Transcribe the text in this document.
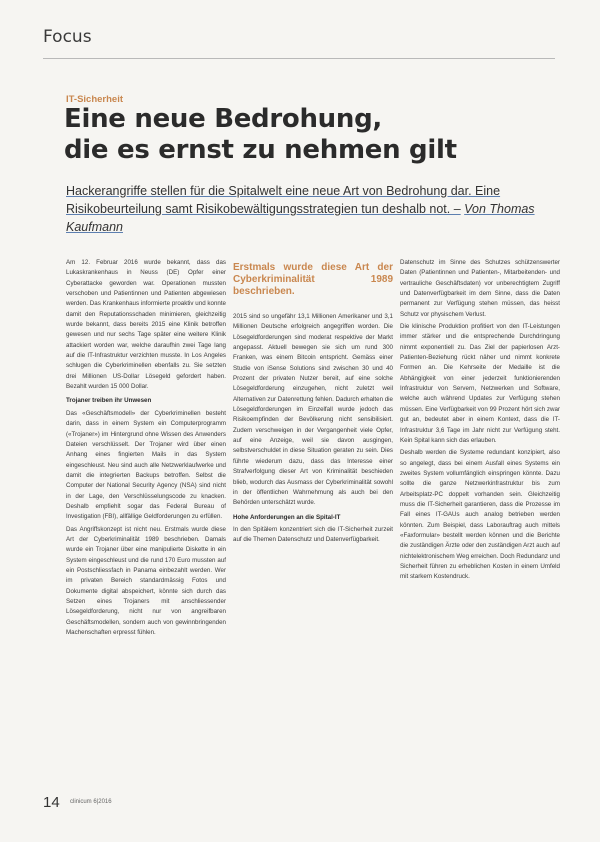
Focus
IT-Sicherheit
Eine neue Bedrohung,
die es ernst zu nehmen gilt
Hackerangriffe stellen für die Spitalwelt eine neue Art von Bedrohung dar. Eine Risikobeurteilung samt Risikobewältigungsstrategien tun deshalb not. – Von Thomas Kaufmann

Am 12. Februar 2016 wurde bekannt, dass das Lukaskrankenhaus in Neuss (DE) Opfer einer Cyberattacke geworden war. Operationen mussten verschoben und Patientinnen und Patienten abgewiesen werden. Das Krankenhaus informierte proaktiv und konnte damit den Reputationsschaden minimieren, gleichzeitig wurde bekannt, dass bereits 2015 eine Klinik betroffen gewesen und nur sechs Tage später eine weitere Klinik attackiert worden war, welche daraufhin zwei Tage lang auf die IT-Infrastruktur verzichten musste. In Los Angeles schlugen die Cyberkriminellen ebenfalls zu. Sie setzten drei Millionen US-Dollar Lösegeld gefordert haben. Bezahlt wurden 15 000 Dollar.

Trojaner treiben ihr Unwesen

Das «Geschäftsmodell» der Cyberkriminellen besteht darin, dass in einem System ein Computerprogramm («Trojaner») im Hintergrund ohne Wissen des Anwenders Dateien verschlüsselt. Der Trojaner wird über einen Anhang eines fingierten Mails in das System eingeschleust. Neu sind auch alle Netzwerklaufwerke und damit die integrierten Backups betroffen. Selbst die Computer der National Security Agency (NSA) sind nicht in der Lage, den Verschlüsselungscode zu knacken. Deshalb empfiehlt sogar das Federal Bureau of Investigation (FBI), allfällige Geldforderungen zu erfüllen.

Das Angriffskonzept ist nicht neu. Erstmals wurde diese Art der Cyberkriminalität 1989 beschrieben. Damals wurde ein Trojaner über eine manipulierte Diskette in ein System eingeschleust und die rund 170 Euro mussten auf ein Postschliessfach in Panama einbezahlt werden. Wer im privaten Bereich standardmässig Fotos und Dokumente digital abspeichert, könnte sich durch das Setzen eines Trojaners mit anschliessender Lösegeldforderung, nicht nur von angreifbaren Geschäftsmodellen, sondern auch von gewinnbringenden Machenschaften erpresst fühlen.

Erstmals wurde diese Art der Cyberkriminalität 1989 beschrieben.

2015 sind so ungefähr 13,1 Millionen Amerikaner und 3,1 Millionen Deutsche erfolgreich angegriffen worden. Die Lösegeldforderungen sind moderat respektive der Markt angepasst. Aktuell bewegen sie sich um rund 300 Franken, was einem Bitcoin entspricht. Gemäss einer Studie von iSense Solutions sind zwischen 30 und 40 Prozent der privaten Nutzer bereit, auf eine solche Lösegeldforderung einzugehen, nicht zuletzt weil Alternativen zur Datenrettung fehlen. Dadurch erhalten die Lösegeldforderungen im Einzelfall wurde jedoch das Risikoempfinden der Bevölkerung nicht sensibilisiert. Zudem verschweigen in der Vergangenheit viele Opfer, auf eine Anzeige, weil sie davon ausgingen, selbstverschuldet in diese Situation geraten zu sein. Dies führte wiederum dazu, dass das Interesse einer Strafverfolgung dieser Art von Kriminalität beschieden blieb, wodurch das Ausmass der Cyberkriminalität sowohl in der öffentlichen Wahrnehmung als auch bei den Behörden unterschätzt wurde.

Hohe Anforderungen an die Spital-IT

In den Spitälern konzentriert sich die IT-Sicherheit zurzeit auf die Themen Datenschutz und Datenverfügbarkeit.

Datenschutz im Sinne des Schutzes schützenswerter Daten (Patientinnen und Patienten-, Mitarbeitenden- und vertrauliche Geschäftsdaten) vor unberechtigtem Zugriff und Datenverfügbarkeit im dem Sinne, dass die Daten permanent zur Verfügung stehen müssen, das heisst Schutz vor physischem Verlust.

Die klinische Produktion profitiert von den IT-Leistungen immer stärker und die entsprechende Durchdringung nimmt exponentiell zu. Das Ziel der papierlosen Arzt-Patienten-Beziehung rückt näher und nimmt konkrete Formen an. Die Kehrseite der Medaille ist die Abhängigkeit von einer jederzeit funktionierenden Infrastruktur von Servern, Netzwerken und Software, welche auch während Updates zur Verfügung stehen müssen. Eine Verfügbarkeit von 99 Prozent hört sich zwar gut an, bedeutet aber in einem Kontext, dass die IT-Infrastruktur 3,6 Tage im Jahr nicht zur Verfügung steht. Kein Spital kann sich das erlauben.

Deshalb werden die Systeme redundant konzipiert, also so angelegt, dass bei einem Ausfall eines Systems ein zweites System vollumfänglich einspringen könnte. Dazu sollte die ganze Netzwerkinfrastruktur bis zum Arbeitsplatz-PC doppelt vorhanden sein. Gleichzeitig muss die IT-Sicherheit garantieren, dass die Prozesse im Fall eines IT-GAUs auch analog betrieben werden könnten. Zum Beispiel, dass Laborauftrag auch mittels «Faxformular» bestellt werden können und die Berichte die zuständigen Ärzte oder den zuständigen Arzt auch auf nichtelektronischem Weg erreichen. Doch Redundanz und Sicherheit führen zu erheblichen Kosten in einem Umfeld mit starkem Kostendruck.

14 clinicum 6|2016
